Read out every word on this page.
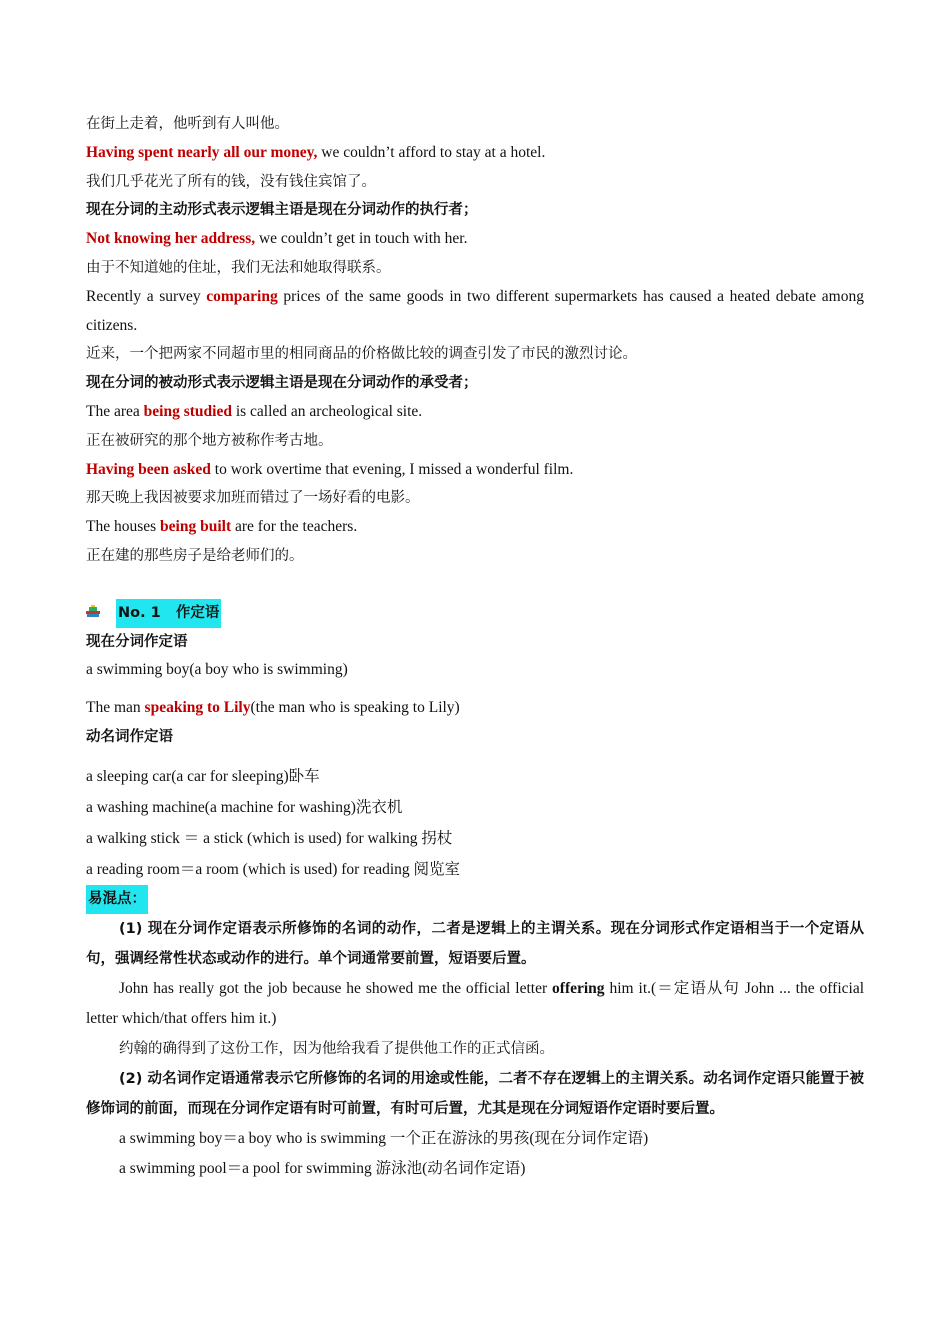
在街上走着，他听到有人叫他。
Having spent nearly all our money, we couldn’t afford to stay at a hotel.
我们几乎花光了所有的钱，没有钱住宾馆了。
现在分词的主动形式表示逻辑主语是现在分词动作的执行者；
Not knowing her address, we couldn’t get in touch with her.
由于不知道她的住址，我们无法和她取得联系。
Recently a survey comparing prices of the same goods in two different supermarkets has caused a heated debate among citizens.
近来，一个把两家不同超市里的相同商品的价格做比较的调查引发了市民的激烈讨论。
现在分词的被动形式表示逻辑主语是现在分词动作的承受者；
The area being studied is called an archeological site.
正在被研究的那个地方被称作考古地。
Having been asked to work overtime that evening, I missed a wonderful film.
那天晚上我因被要求加班而错过了一场好看的电影。
The houses being built are for the teachers.
正在建的那些房子是给老师们的。
No. 1   作定语
现在分词作定语
a swimming boy(a boy who is swimming)
The man speaking to Lily(the man who is speaking to Lily)
动名词作定语
a sleeping car(a car for sleeping)卧车
a washing machine(a machine for washing)洗衣机
a walking stick ＝ a stick (which is used) for walking 拐杖
a reading room＝a room (which is used) for reading 阅览室
易混点：
(1) 现在分词作定语表示所修饰的名词的动作，二者是逻辑上的主谓关系。现在分词形式作定语相当于一个定语从句，强调经常性状态或动作的进行。单个词通常要前置，短语要后置。
John has really got the job because he showed me the official letter offering him it.(＝定语从句 John ... the official letter which/that offers him it.)
约翰的确得到了这份工作，因为他给我看了提供他工作的正式信函。
(2) 动名词作定语通常表示它所修饰的名词的用途或性能，二者不存在逻辑上的主谓关系。动名词作定语只能置于被修饰词的前面，而现在分词作定语有时可前置，有时可后置，尤其是现在分词短语作定语时要后置。
a swimming boy＝a boy who is swimming 一个正在游泳的男孩(现在分词作定语)
a swimming pool＝a pool for swimming 游泳池(动名词作定语)
